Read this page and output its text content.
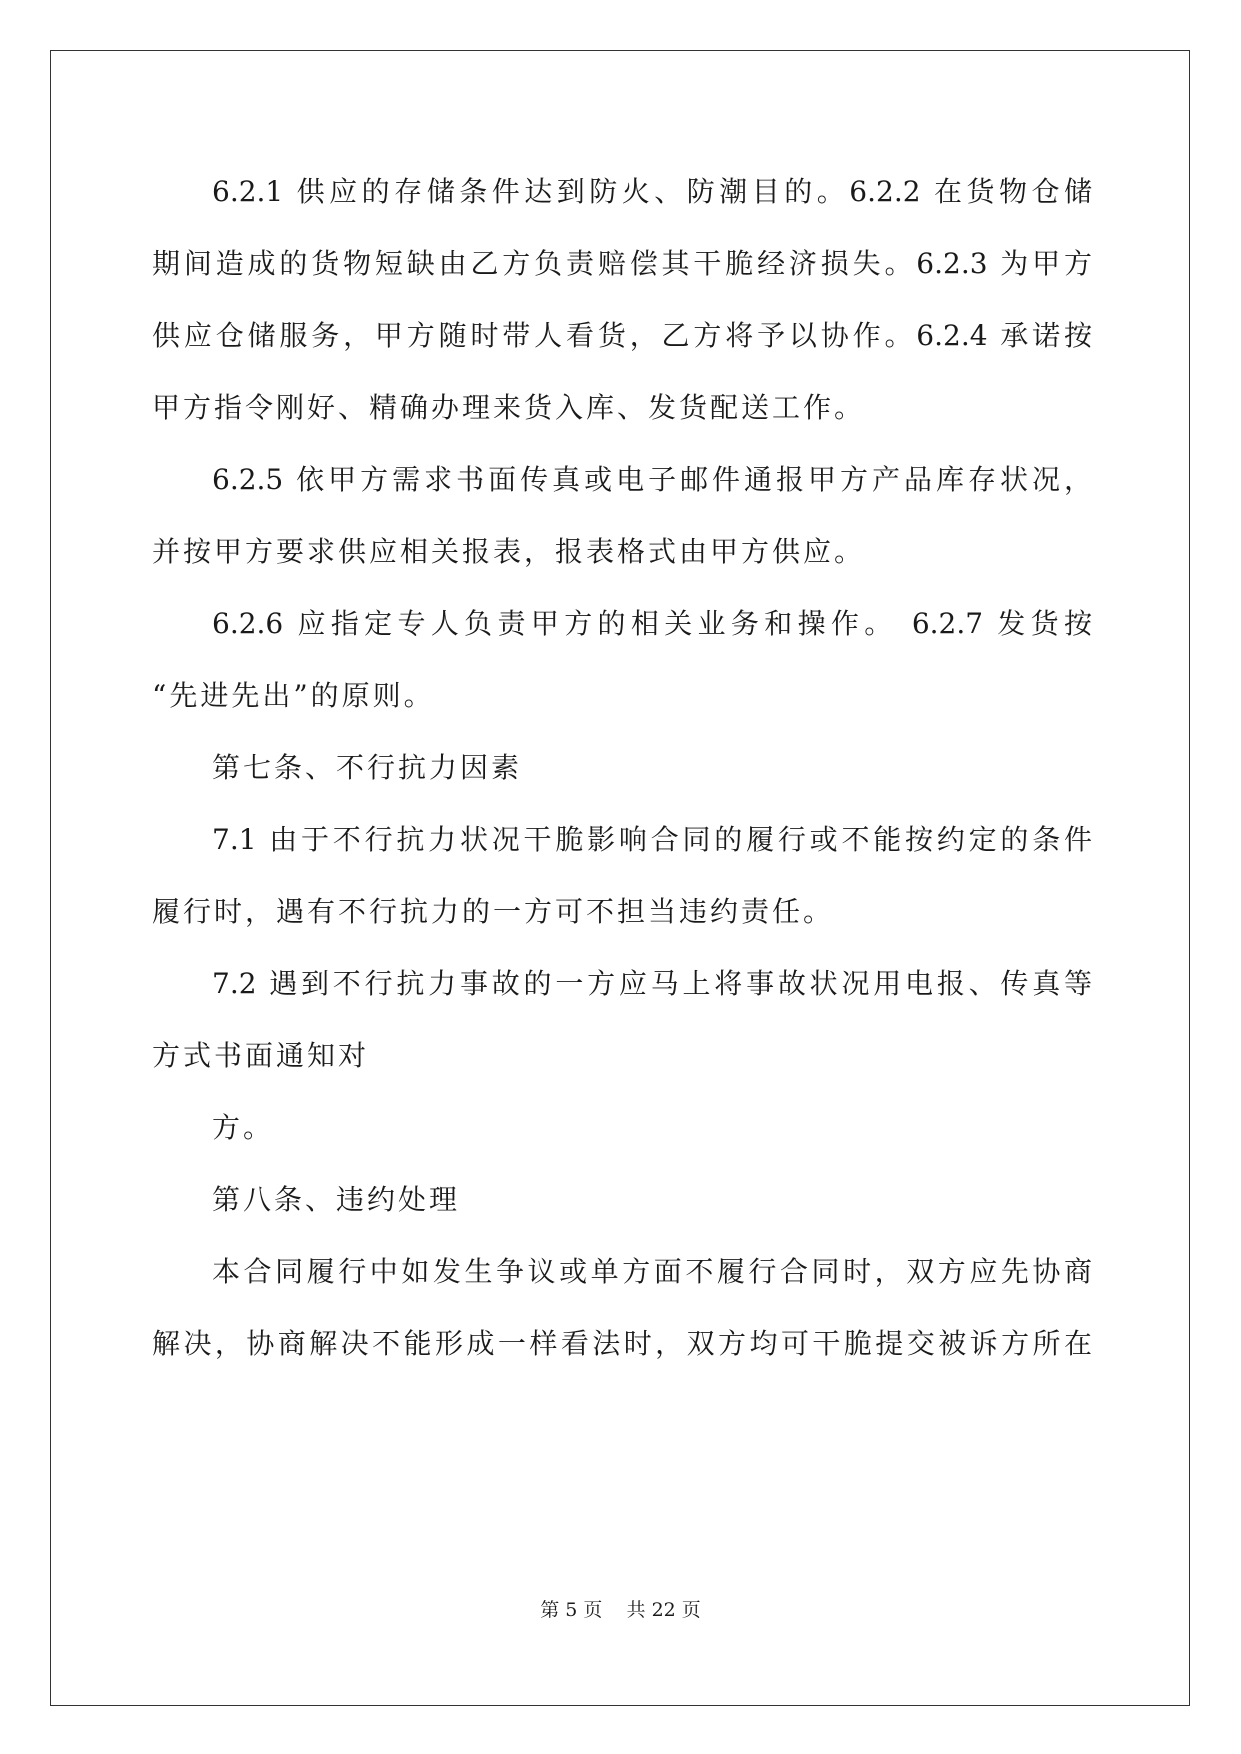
6.2.1 供应的存储条件达到防火、防潮目的。6.2.2 在货物仓储
期间造成的货物短缺由乙方负责赔偿其干脆经济损失。6.2.3 为甲方
供应仓储服务，甲方随时带人看货，乙方将予以协作。6.2.4 承诺按
甲方指令刚好、精确办理来货入库、发货配送工作。
6.2.5 依甲方需求书面传真或电子邮件通报甲方产品库存状况，
并按甲方要求供应相关报表，报表格式由甲方供应。
6.2.6 应指定专人负责甲方的相关业务和操作。 6.2.7 发货按
“先进先出”的原则。
第七条、不行抗力因素
7.1 由于不行抗力状况干脆影响合同的履行或不能按约定的条件
履行时，遇有不行抗力的一方可不担当违约责任。
7.2 遇到不行抗力事故的一方应马上将事故状况用电报、传真等
方式书面通知对
方。
第八条、违约处理
本合同履行中如发生争议或单方面不履行合同时，双方应先协商
解决，协商解决不能形成一样看法时，双方均可干脆提交被诉方所在
第 5 页    共 22 页
